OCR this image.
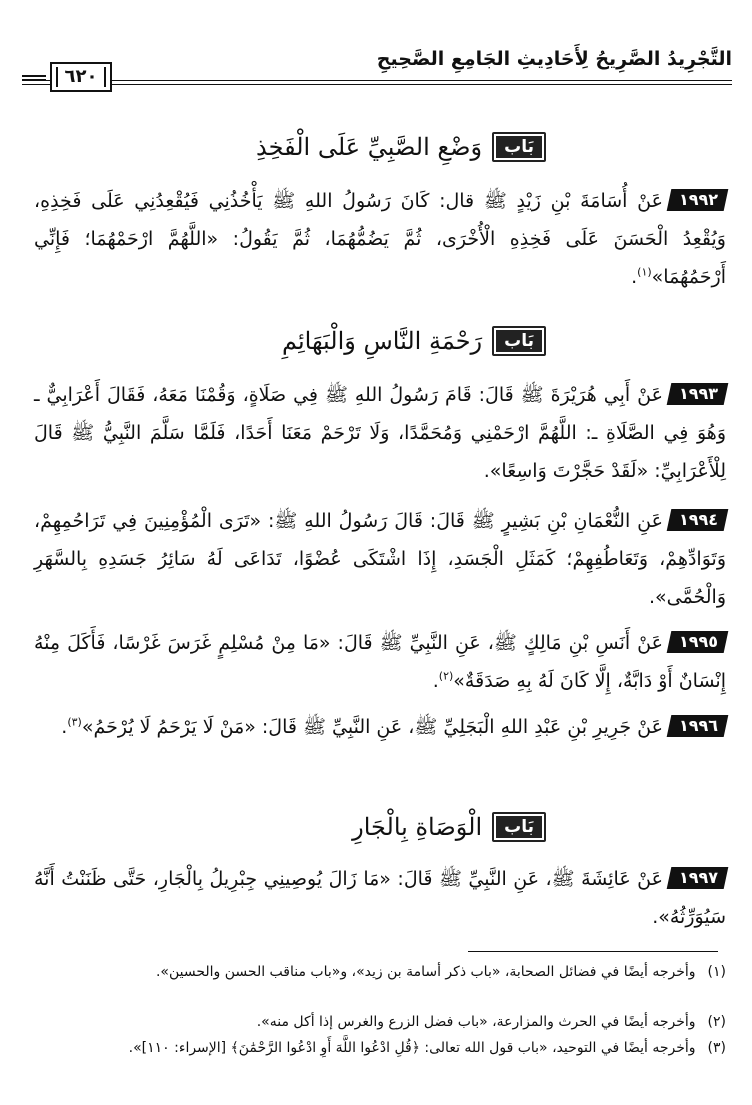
التَّجْرِيدُ الصَّرِيحُ لِأَحَادِيثِ الجَامِعِ الصَّحِيحِ
٦٢٠
بَاب
وَضْعِ الصَّبِيِّ عَلَى الْفَخِذِ
١٩٩٢عَنْ أُسَامَةَ بْنِ زَيْدٍ ﷺ قال: كَانَ رَسُولُ اللهِ ﷺ يَأْخُذُنِي فَيُقْعِدُنِي عَلَى فَخِذِهِ، وَيُقْعِدُ الْحَسَنَ عَلَى فَخِذِهِ الْأُخْرَى، ثُمَّ يَضُمُّهُمَا، ثُمَّ يَقُولُ: «اللَّهُمَّ ارْحَمْهُمَا؛ فَإِنِّي أَرْحَمُهُمَا»$^{(١)}$.
بَاب
رَحْمَةِ النَّاسِ وَالْبَهَائِمِ
١٩٩٣عَنْ أَبِي هُرَيْرَةَ ﷺ قَالَ: قَامَ رَسُولُ اللهِ ﷺ فِي صَلَاةٍ، وَقُمْنَا مَعَهُ، فَقَالَ أَعْرَابِيٌّ ـ وَهُوَ فِي الصَّلَاةِ ـ: اللَّهُمَّ ارْحَمْنِي وَمُحَمَّدًا، وَلَا تَرْحَمْ مَعَنَا أَحَدًا، فَلَمَّا سَلَّمَ النَّبِيُّ ﷺ قَالَ لِلْأَعْرَابِيِّ: «لَقَدْ حَجَّرْتَ وَاسِعًا».
١٩٩٤عَنِ النُّعْمَانِ بْنِ بَشِيرٍ ﷺ قَالَ: قَالَ رَسُولُ اللهِ ﷺ: «تَرَى الْمُؤْمِنِينَ فِي تَرَاحُمِهِمْ، وَتَوَادِّهِمْ، وَتَعَاطُفِهِمْ؛ كَمَثَلِ الْجَسَدِ، إِذَا اشْتَكَى عُضْوًا، تَدَاعَى لَهُ سَائِرُ جَسَدِهِ بِالسَّهَرِ وَالْحُمَّى».
١٩٩٥عَنْ أَنَسِ بْنِ مَالِكٍ ﷺ، عَنِ النَّبِيِّ ﷺ قَالَ: «مَا مِنْ مُسْلِمٍ غَرَسَ غَرْسًا، فَأَكَلَ مِنْهُ إِنْسَانٌ أَوْ دَابَّةٌ، إِلَّا كَانَ لَهُ بِهِ صَدَقَةٌ»$^{(٢)}$.
١٩٩٦عَنْ جَرِيرِ بْنِ عَبْدِ اللهِ الْبَجَلِيِّ ﷺ، عَنِ النَّبِيِّ ﷺ قَالَ: «مَنْ لَا يَرْحَمُ لَا يُرْحَمُ»$^{(٣)}$.
بَاب
الْوَصَاةِ بِالْجَارِ
١٩٩٧عَنْ عَائِشَةَ ﷺ، عَنِ النَّبِيِّ ﷺ قَالَ: «مَا زَالَ يُوصِينِي جِبْرِيلُ بِالْجَارِ، حَتَّى ظَنَنْتُ أَنَّهُ سَيُوَرِّثُهُ».
(١)وأخرجه أيضًا في فضائل الصحابة، «باب ذكر أسامة بن زيد»، و«باب مناقب الحسن والحسين».
(٢)وأخرجه أيضًا في الحرث والمزارعة، «باب فضل الزرع والغرس إذا أكل منه».
(٣)وأخرجه أيضًا في التوحيد، «باب قول الله تعالى: ﴿قُلِ ادْعُوا اللَّهَ أَوِ ادْعُوا الرَّحْمَٰنَ﴾ [الإسراء: ١١٠]».
